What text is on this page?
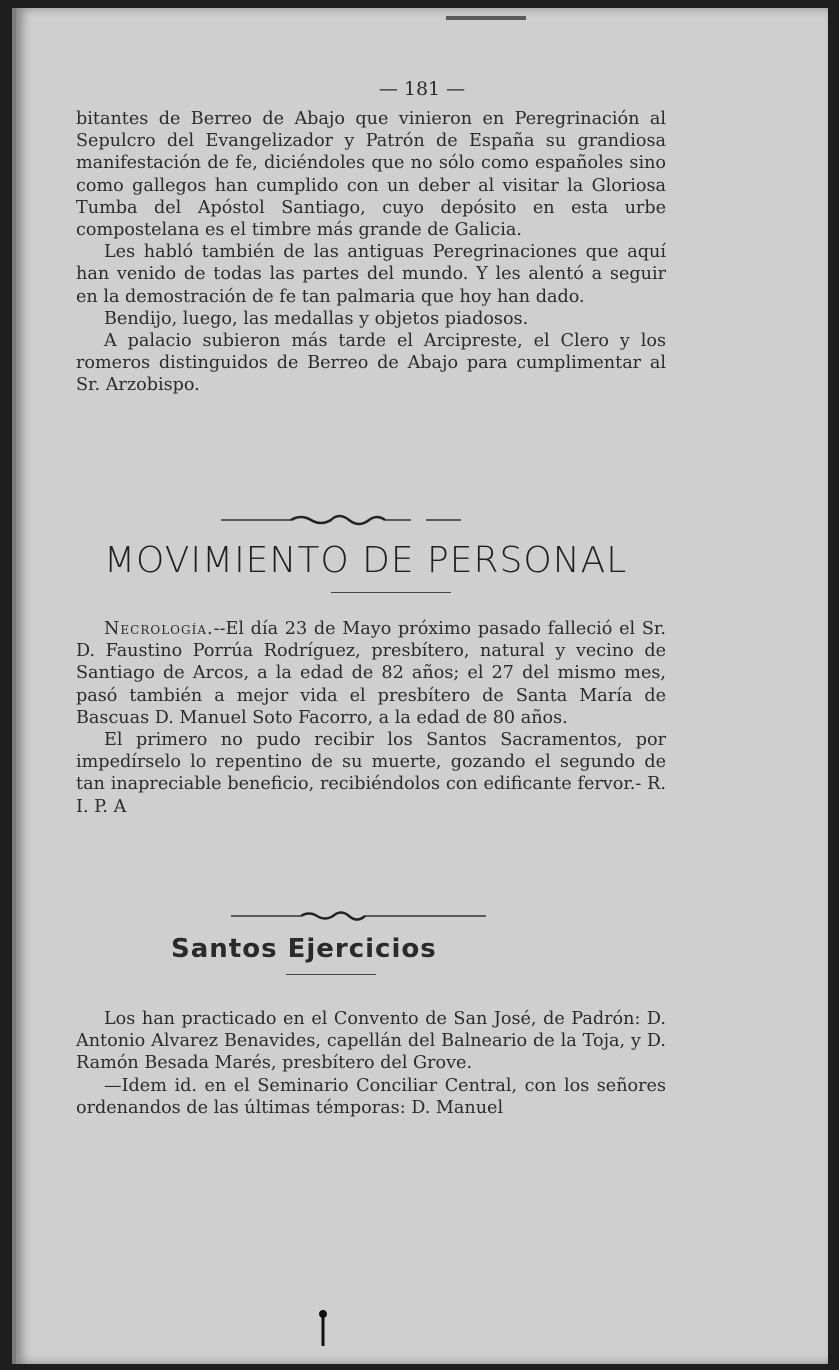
— 181 —

bitantes de Berreo de Abajo que vinieron en Peregrinación al Sepulcro del Evangelizador y Patrón de España su grandiosa manifestación de fe, diciéndoles que no sólo como españoles sino como gallegos han cumplido con un deber al visitar la Gloriosa Tumba del Apóstol Santiago, cuyo depósito en esta urbe compostelana es el timbre más grande de Galicia.

Les habló también de las antiguas Peregrinaciones que aquí han venido de todas las partes del mundo. Y les alentó a seguir en la demostración de fe tan palmaria que hoy han dado.

Bendijo, luego, las medallas y objetos piadosos.

A palacio subieron más tarde el Arcipreste, el Clero y los romeros distinguidos de Berreo de Abajo para cumplimentar al Sr. Arzobispo.

MOVIMIENTO DE PERSONAL

Necrología.--El día 23 de Mayo próximo pasado falleció el Sr. D. Faustino Porrúa Rodríguez, presbítero, natural y vecino de Santiago de Arcos, a la edad de 82 años; el 27 del mismo mes, pasó también a mejor vida el presbítero de Santa María de Bascuas D. Manuel Soto Facorro, a la edad de 80 años.

El primero no pudo recibir los Santos Sacramentos, por impedírselo lo repentino de su muerte, gozando el segundo de tan inapreciable beneficio, recibiéndolos con edificante fervor.- R. I. P. A

Santos Ejercicios

Los han practicado en el Convento de San José, de Padrón: D. Antonio Alvarez Benavides, capellán del Balneario de la Toja, y D. Ramón Besada Marés, presbítero del Grove.

—Idem id. en el Seminario Conciliar Central, con los señores ordenandos de las últimas témporas: D. Manuel
